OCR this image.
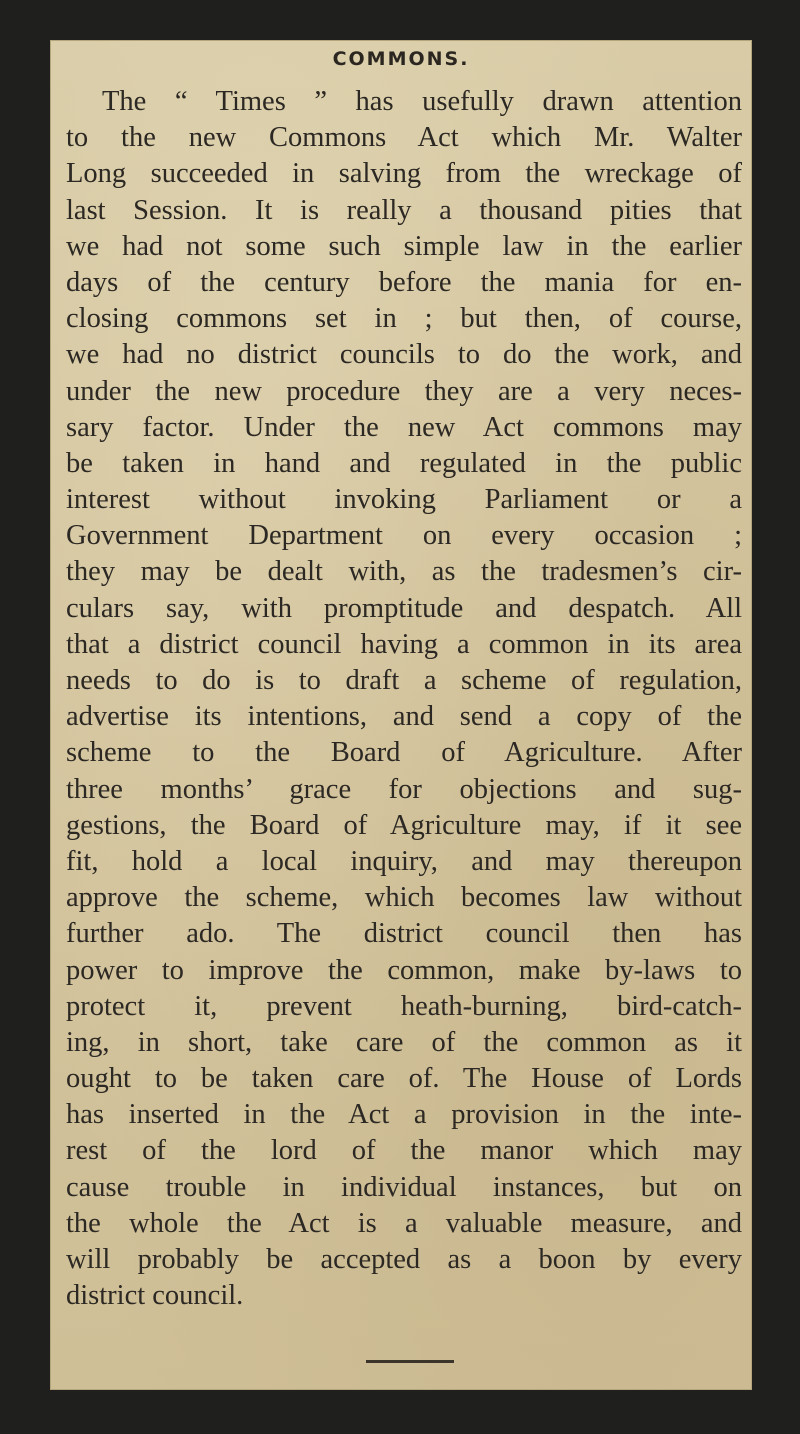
COMMONS.
The “ Times ” has usefully drawn attention
to the new Commons Act which Mr. Walter
Long succeeded in salving from the wreckage of
last Session. It is really a thousand pities that
we had not some such simple law in the earlier
days of the century before the mania for en-
closing commons set in ; but then, of course,
we had no district councils to do the work, and
under the new procedure they are a very neces-
sary factor. Under the new Act commons may
be taken in hand and regulated in the public
interest without invoking Parliament or a
Government Department on every occasion ;
they may be dealt with, as the tradesmen’s cir-
culars say, with promptitude and despatch. All
that a district council having a common in its area
needs to do is to draft a scheme of regulation,
advertise its intentions, and send a copy of the
scheme to the Board of Agriculture. After
three months’ grace for objections and sug-
gestions, the Board of Agriculture may, if it see
fit, hold a local inquiry, and may thereupon
approve the scheme, which becomes law without
further ado. The district council then has
power to improve the common, make by-laws to
protect it, prevent heath-burning, bird-catch-
ing, in short, take care of the common as it
ought to be taken care of. The House of Lords
has inserted in the Act a provision in the inte-
rest of the lord of the manor which may
cause trouble in individual instances, but on
the whole the Act is a valuable measure, and
will probably be accepted as a boon by every
district council.
